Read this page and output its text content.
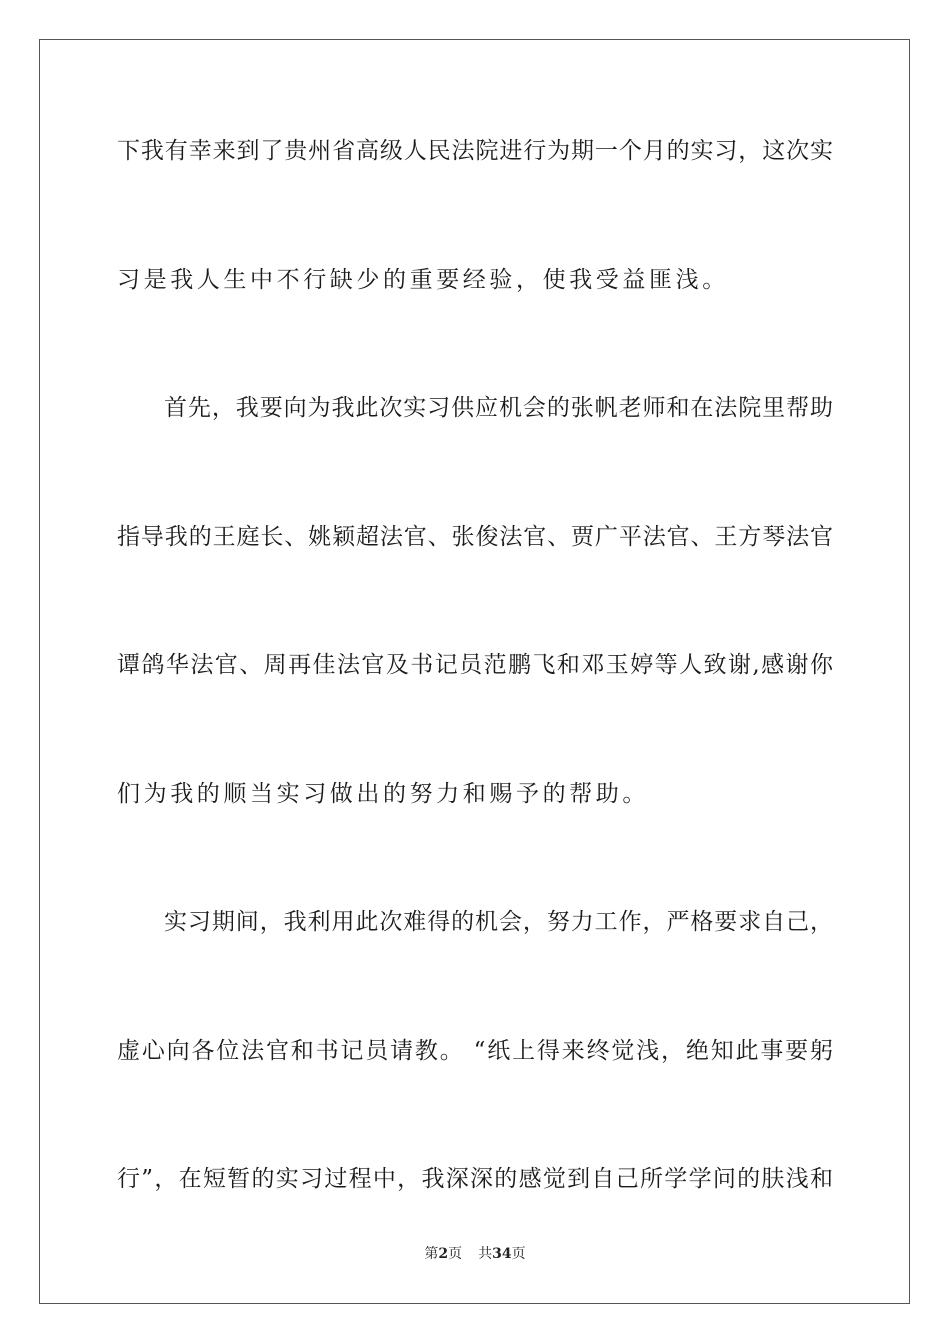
下我有幸来到了贵州省高级人民法院进行为期一个月的实习，这次实
习是我人生中不行缺少的重要经验，使我受益匪浅。
首先，我要向为我此次实习供应机会的张帆老师和在法院里帮助
指导我的王庭长、姚颖超法官、张俊法官、贾广平法官、王方琴法官
谭鸽华法官、周再佳法官及书记员范鹏飞和邓玉婷等人致谢,感谢你
们为我的顺当实习做出的努力和赐予的帮助。
实习期间，我利用此次难得的机会，努力工作，严格要求自己，
虚心向各位法官和书记员请教。 “纸上得来终觉浅，绝知此事要躬
行”，在短暂的实习过程中，我深深的感觉到自己所学学问的肤浅和
第2页 共34页
